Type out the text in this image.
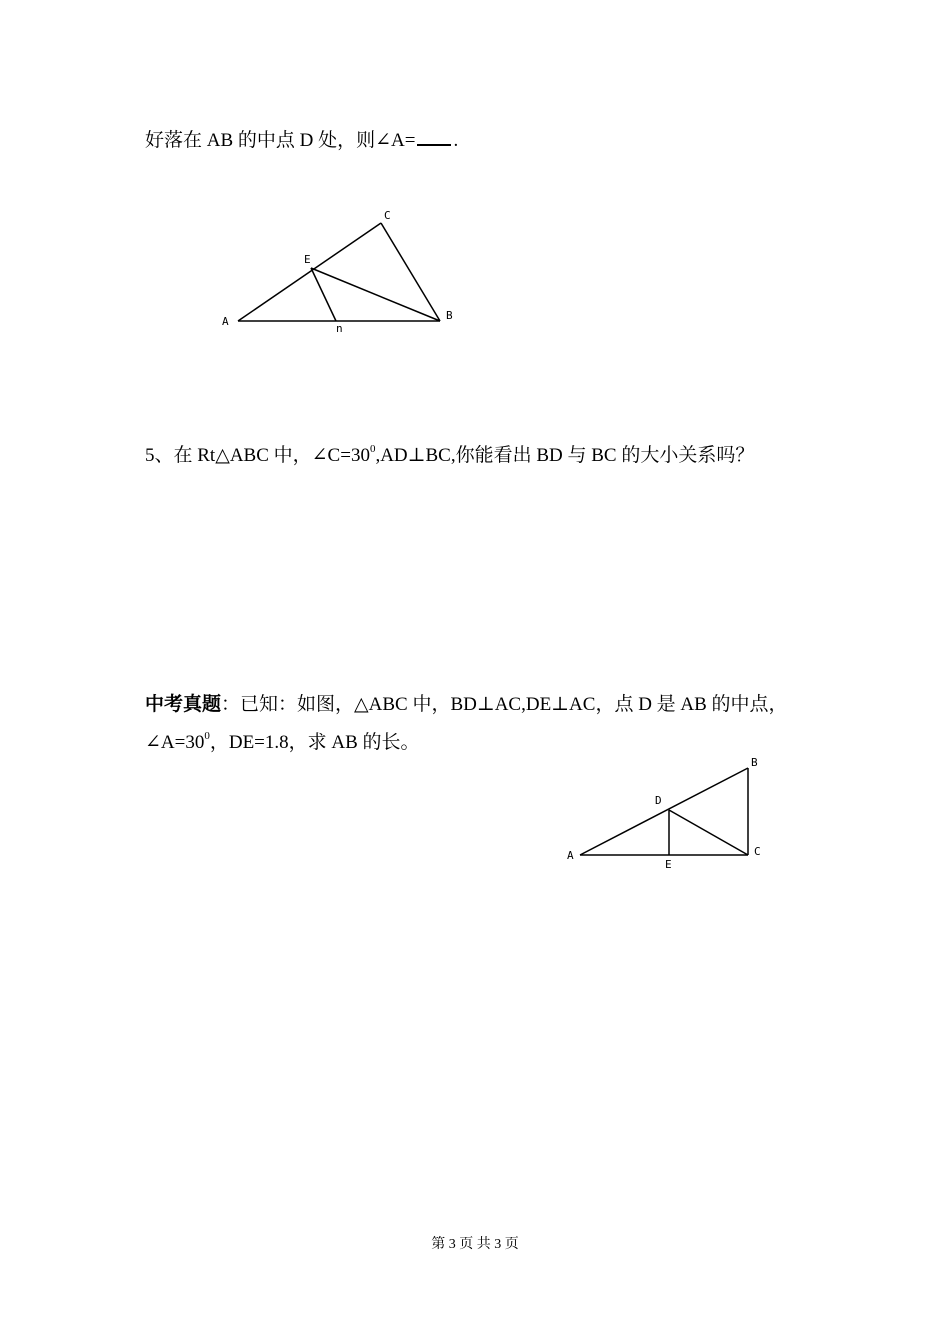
好落在 AB 的中点 D 处，则∠A= .
A	B
C
E
n
5、在 Rt△ABC 中，$\angle C=30^0,AD\perp BC$,你能看出 BD 与 BC 的大小关系吗？
中考真题：已知：如图，△ABC 中，BD⊥AC,DE⊥AC，点 D 是 AB 的中点，
$\angle A=30^0$，DE=1.8，求 AB 的长。
A
B
C
D
E
第 3 页 共 3 页
